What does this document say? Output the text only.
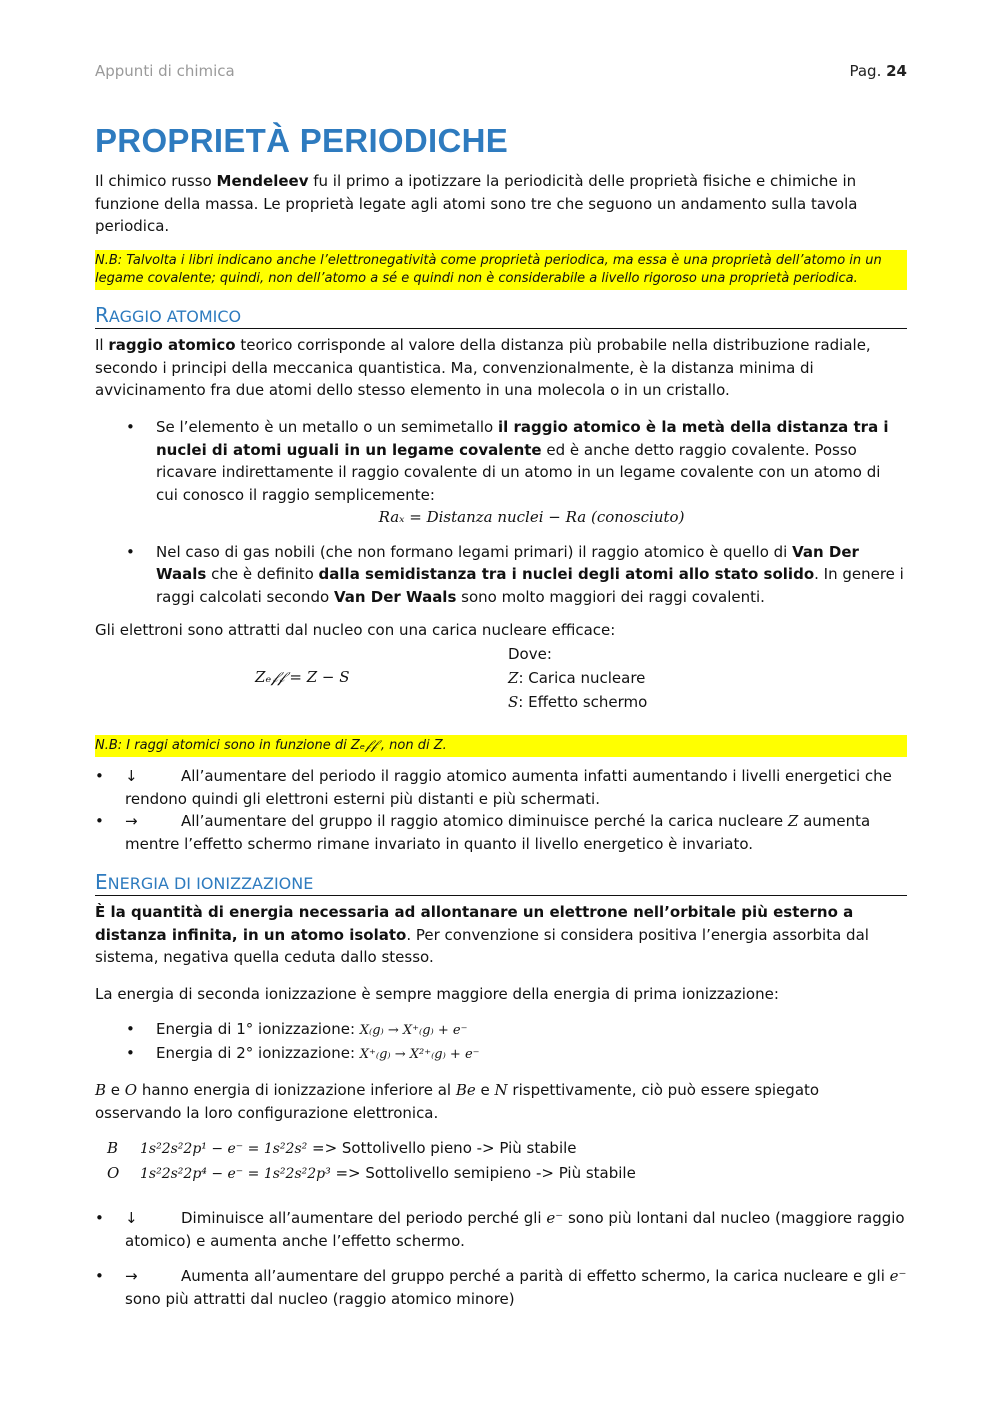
Appunti di chimica	Pag. 24
PROPRIETÀ PERIODICHE
Il chimico russo Mendeleev fu il primo a ipotizzare la periodicità delle proprietà fisiche e chimiche in funzione della massa. Le proprietà legate agli atomi sono tre che seguono un andamento sulla tavola periodica.
N.B: Talvolta i libri indicano anche l’elettronegatività come proprietà periodica, ma essa è una proprietà dell’atomo in un legame covalente; quindi, non dell’atomo a sé e quindi non è considerabile a livello rigoroso una proprietà periodica.
RAGGIO ATOMICO
Il raggio atomico teorico corrisponde al valore della distanza più probabile nella distribuzione radiale, secondo i principi della meccanica quantistica. Ma, convenzionalmente, è la distanza minima di avvicinamento fra due atomi dello stesso elemento in una molecola o in un cristallo.
• Se l’elemento è un metallo o un semimetallo il raggio atomico è la metà della distanza tra i nuclei di atomi uguali in un legame covalente ed è anche detto raggio covalente. Posso ricavare indirettamente il raggio covalente di un atomo in un legame covalente con un atomo di cui conosco il raggio semplicemente:
Raₓ = Distanza nuclei − Ra (conosciuto)
• Nel caso di gas nobili (che non formano legami primari) il raggio atomico è quello di Van Der Waals che è definito dalla semidistanza tra i nuclei degli atomi allo stato solido. In genere i raggi calcolati secondo Van Der Waals sono molto maggiori dei raggi covalenti.
Gli elettroni sono attratti dal nucleo con una carica nucleare efficace:
Zₑ𝒻𝒻 = Z − S
Dove:
Z: Carica nucleare
S: Effetto schermo
N.B: I raggi atomici sono in funzione di Zₑ𝒻𝒻 , non di Z.
• ↓	All’aumentare del periodo il raggio atomico aumenta infatti aumentando i livelli energetici che rendono quindi gli elettroni esterni più distanti e più schermati.
• →	All’aumentare del gruppo il raggio atomico diminuisce perché la carica nucleare Z aumenta mentre l’effetto schermo rimane invariato in quanto il livello energetico è invariato.
ENERGIA DI IONIZZAZIONE
È la quantità di energia necessaria ad allontanare un elettrone nell’orbitale più esterno a distanza infinita, in un atomo isolato. Per convenzione si considera positiva l’energia assorbita dal sistema, negativa quella ceduta dallo stesso.
La energia di seconda ionizzazione è sempre maggiore della energia di prima ionizzazione:
• Energia di 1° ionizzazione: X₍g₎ → X⁺₍g₎ + e⁻
• Energia di 2° ionizzazione: X⁺₍g₎ → X²⁺₍g₎ + e⁻
B e O hanno energia di ionizzazione inferiore al Be e N rispettivamente, ciò può essere spiegato osservando la loro configurazione elettronica.
B 1s²2s²2p¹ − e⁻ = 1s²2s² => Sottolivello pieno -> Più stabile
O 1s²2s²2p⁴ − e⁻ = 1s²2s²2p³ => Sottolivello semipieno -> Più stabile
• ↓	Diminuisce all’aumentare del periodo perché gli e⁻ sono più lontani dal nucleo (maggiore raggio atomico) e aumenta anche l’effetto schermo.
• →	Aumenta all’aumentare del gruppo perché a parità di effetto schermo, la carica nucleare e gli e⁻ sono più attratti dal nucleo (raggio atomico minore)
